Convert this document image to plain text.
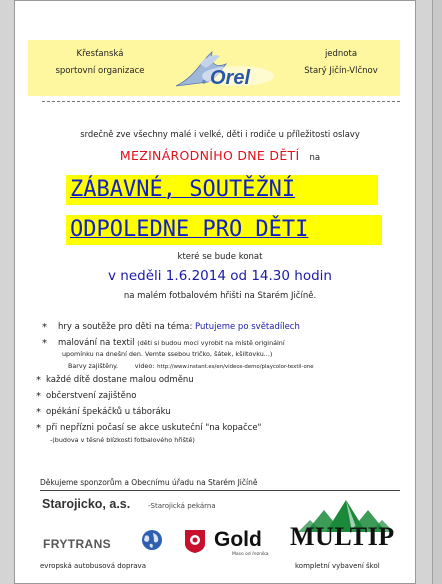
Křesťanská
sportovní organizace	Orel
®
jednota
Starý Jičín-Vlčnov
srdečně zve všechny malé i velké, děti i rodiče u příležitosti oslavy
MEZINÁRODNÍHO DNE DĚTÍ na
ZÁBAVNÉ, SOUTĚŽNÍ
ODPOLEDNE PRO DĚTI
které se bude konat
v neděli 1.6.2014 od 14.30 hodin
na malém fotbalovém hřišti na Starém Jičíně.
* hry a soutěže pro děti na téma: Putujeme po světadílech
* malování na textil (děti si budou moci vyrobit na místě originální
upomínku na dnešní den. Vemte ssebou tričko, šátek, kšiltovku...)
Barvy zajištěny.	video: http://www.instant.es/en/videos-demo/playcolor-textil-one
* každé dítě dostane malou odměnu
* občerstvení zajištěno
* opékání špekáčků u táboráku
* při nepřízni počasí se akce uskuteční "na kopačce"
-(budova v těsné blízkosti fotbalového hřiště)
Děkujeme sponzorům a Obecnímu úřadu na Starém Jičíně
Starojicko, a.s.	-Starojická pekárna
MULTIP
FRYTRANS	Gold
Maso od řezníka
evropská autobusová doprava	kompletní vybavení škol
